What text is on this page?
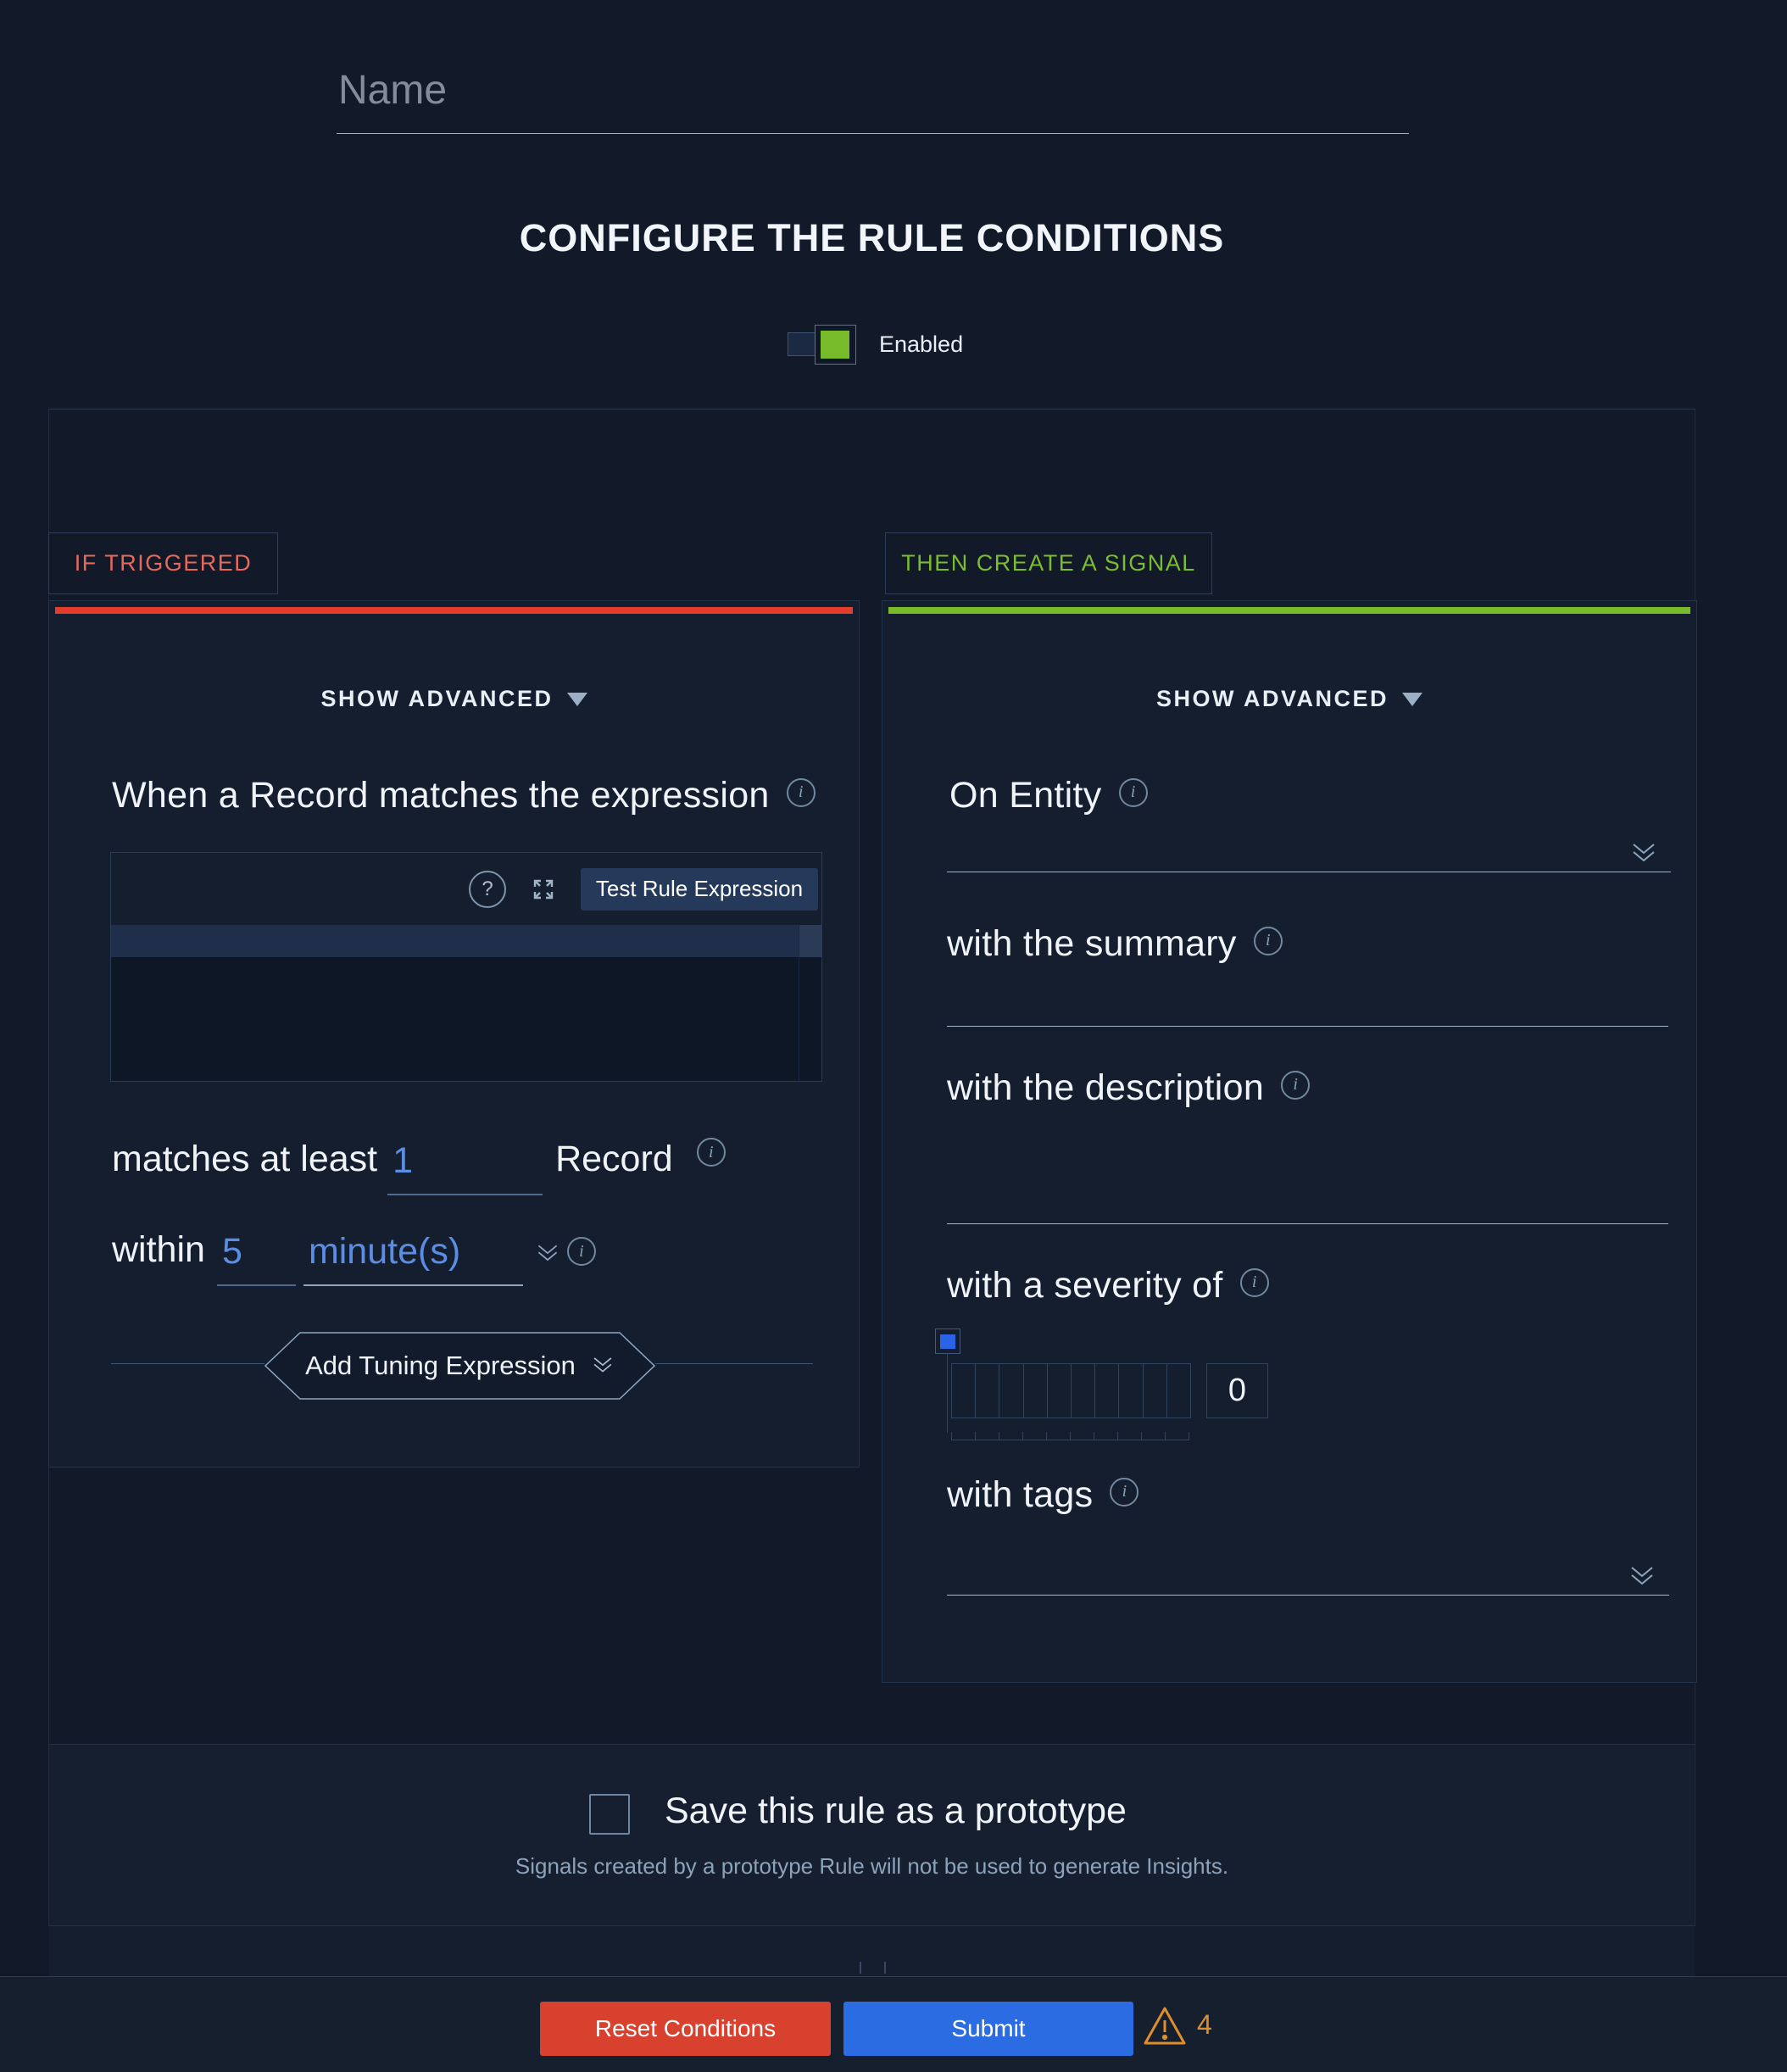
Name
CONFIGURE THE RULE CONDITIONS
Enabled
IF TRIGGERED	THEN CREATE A SIGNAL
SHOW ADVANCED
When a Record matches the expression	i
?	Test Rule Expression
matches at least
1	Record	i
within
5	minute(s)	i
Add Tuning Expression
SHOW ADVANCED
On Entity	i
with the summary	i
with the description	i
with a severity of	i
0
with tags	i
Save this rule as a prototype
Signals created by a prototype Rule will not be used to generate Insights.
Reset Conditions	Submit	4
